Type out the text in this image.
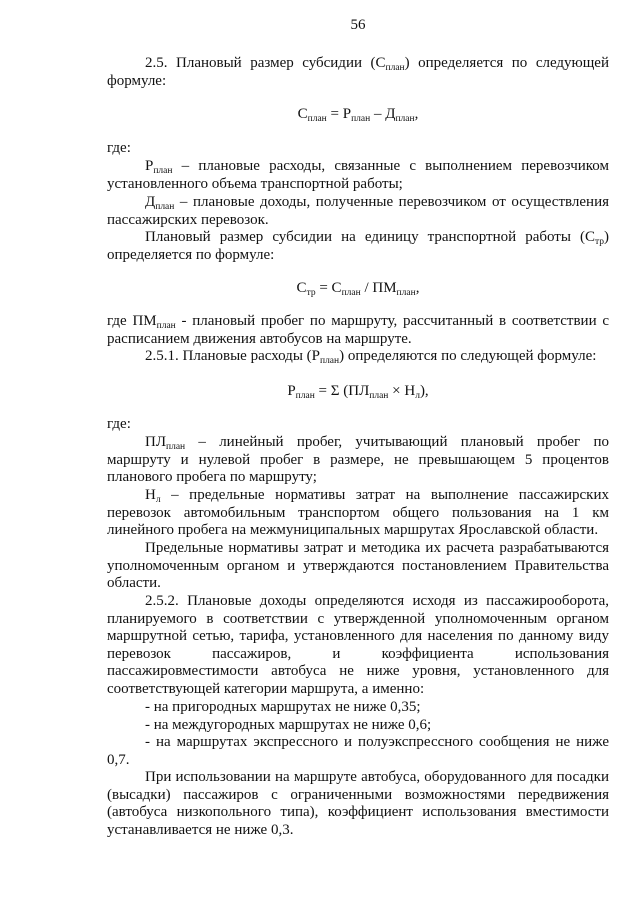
56
2.5. Плановый размер субсидии $(С_{план})$ определяется по следующей формуле:
$С_{план} = Р_{план} - Д_{план}$,
где:
$Р_{план}$ – плановые расходы, связанные с выполнением перевозчиком установленного объема транспортной работы;
$Д_{план}$ – плановые доходы, полученные перевозчиком от осуществления пассажирских перевозок.
Плановый размер субсидии на единицу транспортной работы $(С_{тр})$ определяется по формуле:
$С_{тр} = С_{план} / ПМ_{план}$,
где $ПМ_{план}$ - плановый пробег по маршруту, рассчитанный в соответствии с расписанием движения автобусов на маршруте.
2.5.1. Плановые расходы $(Р_{план})$ определяются по следующей формуле:
$Р_{план} = \Sigma$ $(ПЛ_{план} \times Н_л)$,
где:
$ПЛ_{план}$ – линейный пробег, учитывающий плановый пробег по маршруту и нулевой пробег в размере, не превышающем 5 процентов планового пробега по маршруту;
$Н_л$ – предельные нормативы затрат на выполнение пассажирских перевозок автомобильным транспортом общего пользования на 1 км линейного пробега на межмуниципальных маршрутах Ярославской области.
Предельные нормативы затрат и методика их расчета разрабатываются уполномоченным органом и утверждаются постановлением Правительства области.
2.5.2. Плановые доходы определяются исходя из пассажирооборота, планируемого в соответствии с утвержденной уполномоченным органом маршрутной сетью, тарифа, установленного для населения по данному виду перевозок пассажиров, и коэффициента использования пассажировместимости автобуса не ниже уровня, установленного для соответствующей категории маршрута, а именно:
- на пригородных маршрутах не ниже 0,35;
- на междугородных маршрутах не ниже 0,6;
- на маршрутах экспрессного и полуэкспрессного сообщения не ниже 0,7.
При использовании на маршруте автобуса, оборудованного для посадки (высадки) пассажиров с ограниченными возможностями передвижения (автобуса низкопольного типа), коэффициент использования вместимости устанавливается не ниже 0,3.
